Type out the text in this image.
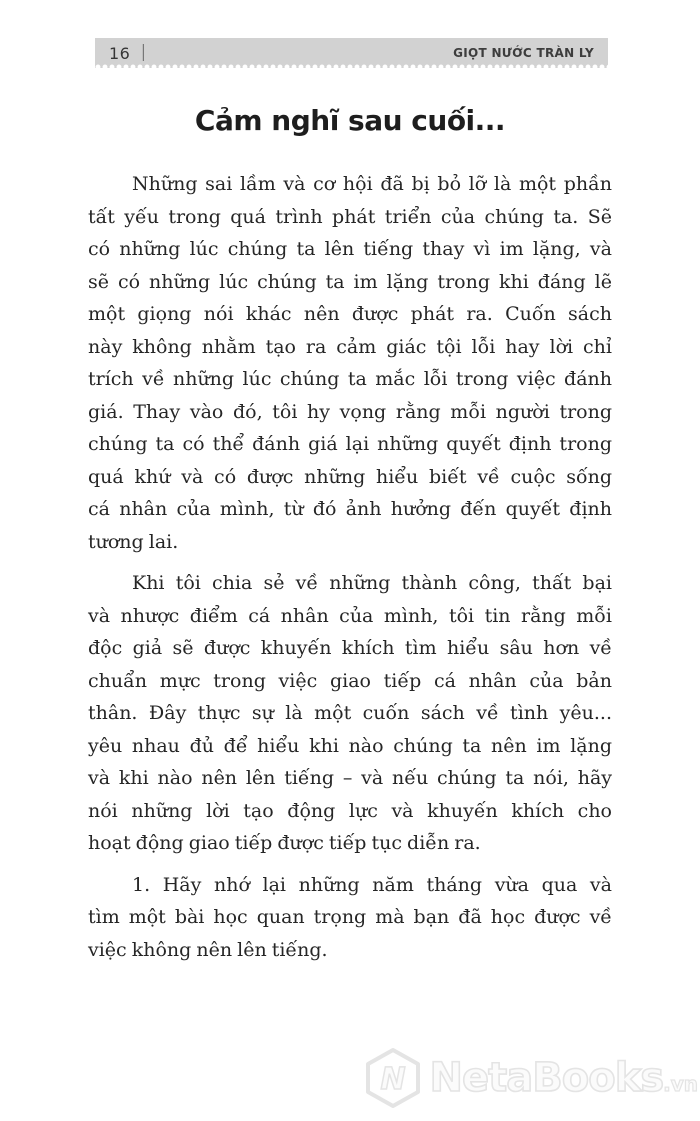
16 |	GIỌT NƯỚC TRÀN LY
Cảm nghĩ sau cuối...

Những sai lầm và cơ hội đã bị bỏ lỡ là một phần
tất yếu trong quá trình phát triển của chúng ta. Sẽ
có những lúc chúng ta lên tiếng thay vì im lặng, và
sẽ có những lúc chúng ta im lặng trong khi đáng lẽ
một giọng nói khác nên được phát ra. Cuốn sách
này không nhằm tạo ra cảm giác tội lỗi hay lời chỉ
trích về những lúc chúng ta mắc lỗi trong việc đánh
giá. Thay vào đó, tôi hy vọng rằng mỗi người trong
chúng ta có thể đánh giá lại những quyết định trong
quá khứ và có được những hiểu biết về cuộc sống
cá nhân của mình, từ đó ảnh hưởng đến quyết định
tương lai.

Khi tôi chia sẻ về những thành công, thất bại
và nhược điểm cá nhân của mình, tôi tin rằng mỗi
độc giả sẽ được khuyến khích tìm hiểu sâu hơn về
chuẩn mực trong việc giao tiếp cá nhân của bản
thân. Đây thực sự là một cuốn sách về tình yêu...
yêu nhau đủ để hiểu khi nào chúng ta nên im lặng
và khi nào nên lên tiếng – và nếu chúng ta nói, hãy
nói những lời tạo động lực và khuyến khích cho
hoạt động giao tiếp được tiếp tục diễn ra.

1. Hãy nhớ lại những năm tháng vừa qua và
tìm một bài học quan trọng mà bạn đã học được về
việc không nên lên tiếng.

N NetaBooks.vn
